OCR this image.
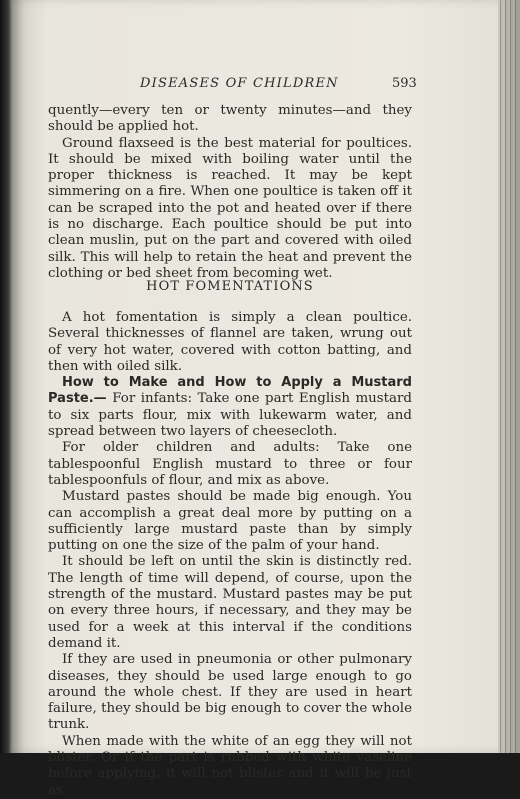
DISEASES OF CHILDREN	593

quently—every ten or twenty minutes—and they should be applied hot.

Ground flaxseed is the best material for poultices. It should be mixed with boiling water until the proper thickness is reached. It may be kept simmering on a fire. When one poultice is taken off it can be scraped into the pot and heated over if there is no discharge. Each poultice should be put into clean muslin, put on the part and covered with oiled silk. This will help to retain the heat and prevent the clothing or bed sheet from becoming wet.

HOT FOMENTATIONS

A hot fomentation is simply a clean poultice. Several thicknesses of flannel are taken, wrung out of very hot water, covered with cotton batting, and then with oiled silk.

How to Make and How to Apply a Mustard Paste.— For infants: Take one part English mustard to six parts flour, mix with lukewarm water, and spread between two layers of cheesecloth.

For older children and adults: Take one tablespoonful English mustard to three or four tablespoonfuls of flour, and mix as above.

Mustard pastes should be made big enough. You can accomplish a great deal more by putting on a sufficiently large mustard paste than by simply putting on one the size of the palm of your hand.

It should be left on until the skin is distinctly red. The length of time will depend, of course, upon the strength of the mustard. Mustard pastes may be put on every three hours, if necessary, and they may be used for a week at this interval if the conditions demand it.

If they are used in pneumonia or other pulmonary diseases, they should be used large enough to go around the whole chest. If they are used in heart failure, they should be big enough to cover the whole trunk.

When made with the white of an egg they will not blister. Or if the part is rubbed with white vaseline before applying, it will not blister and it will be just as
